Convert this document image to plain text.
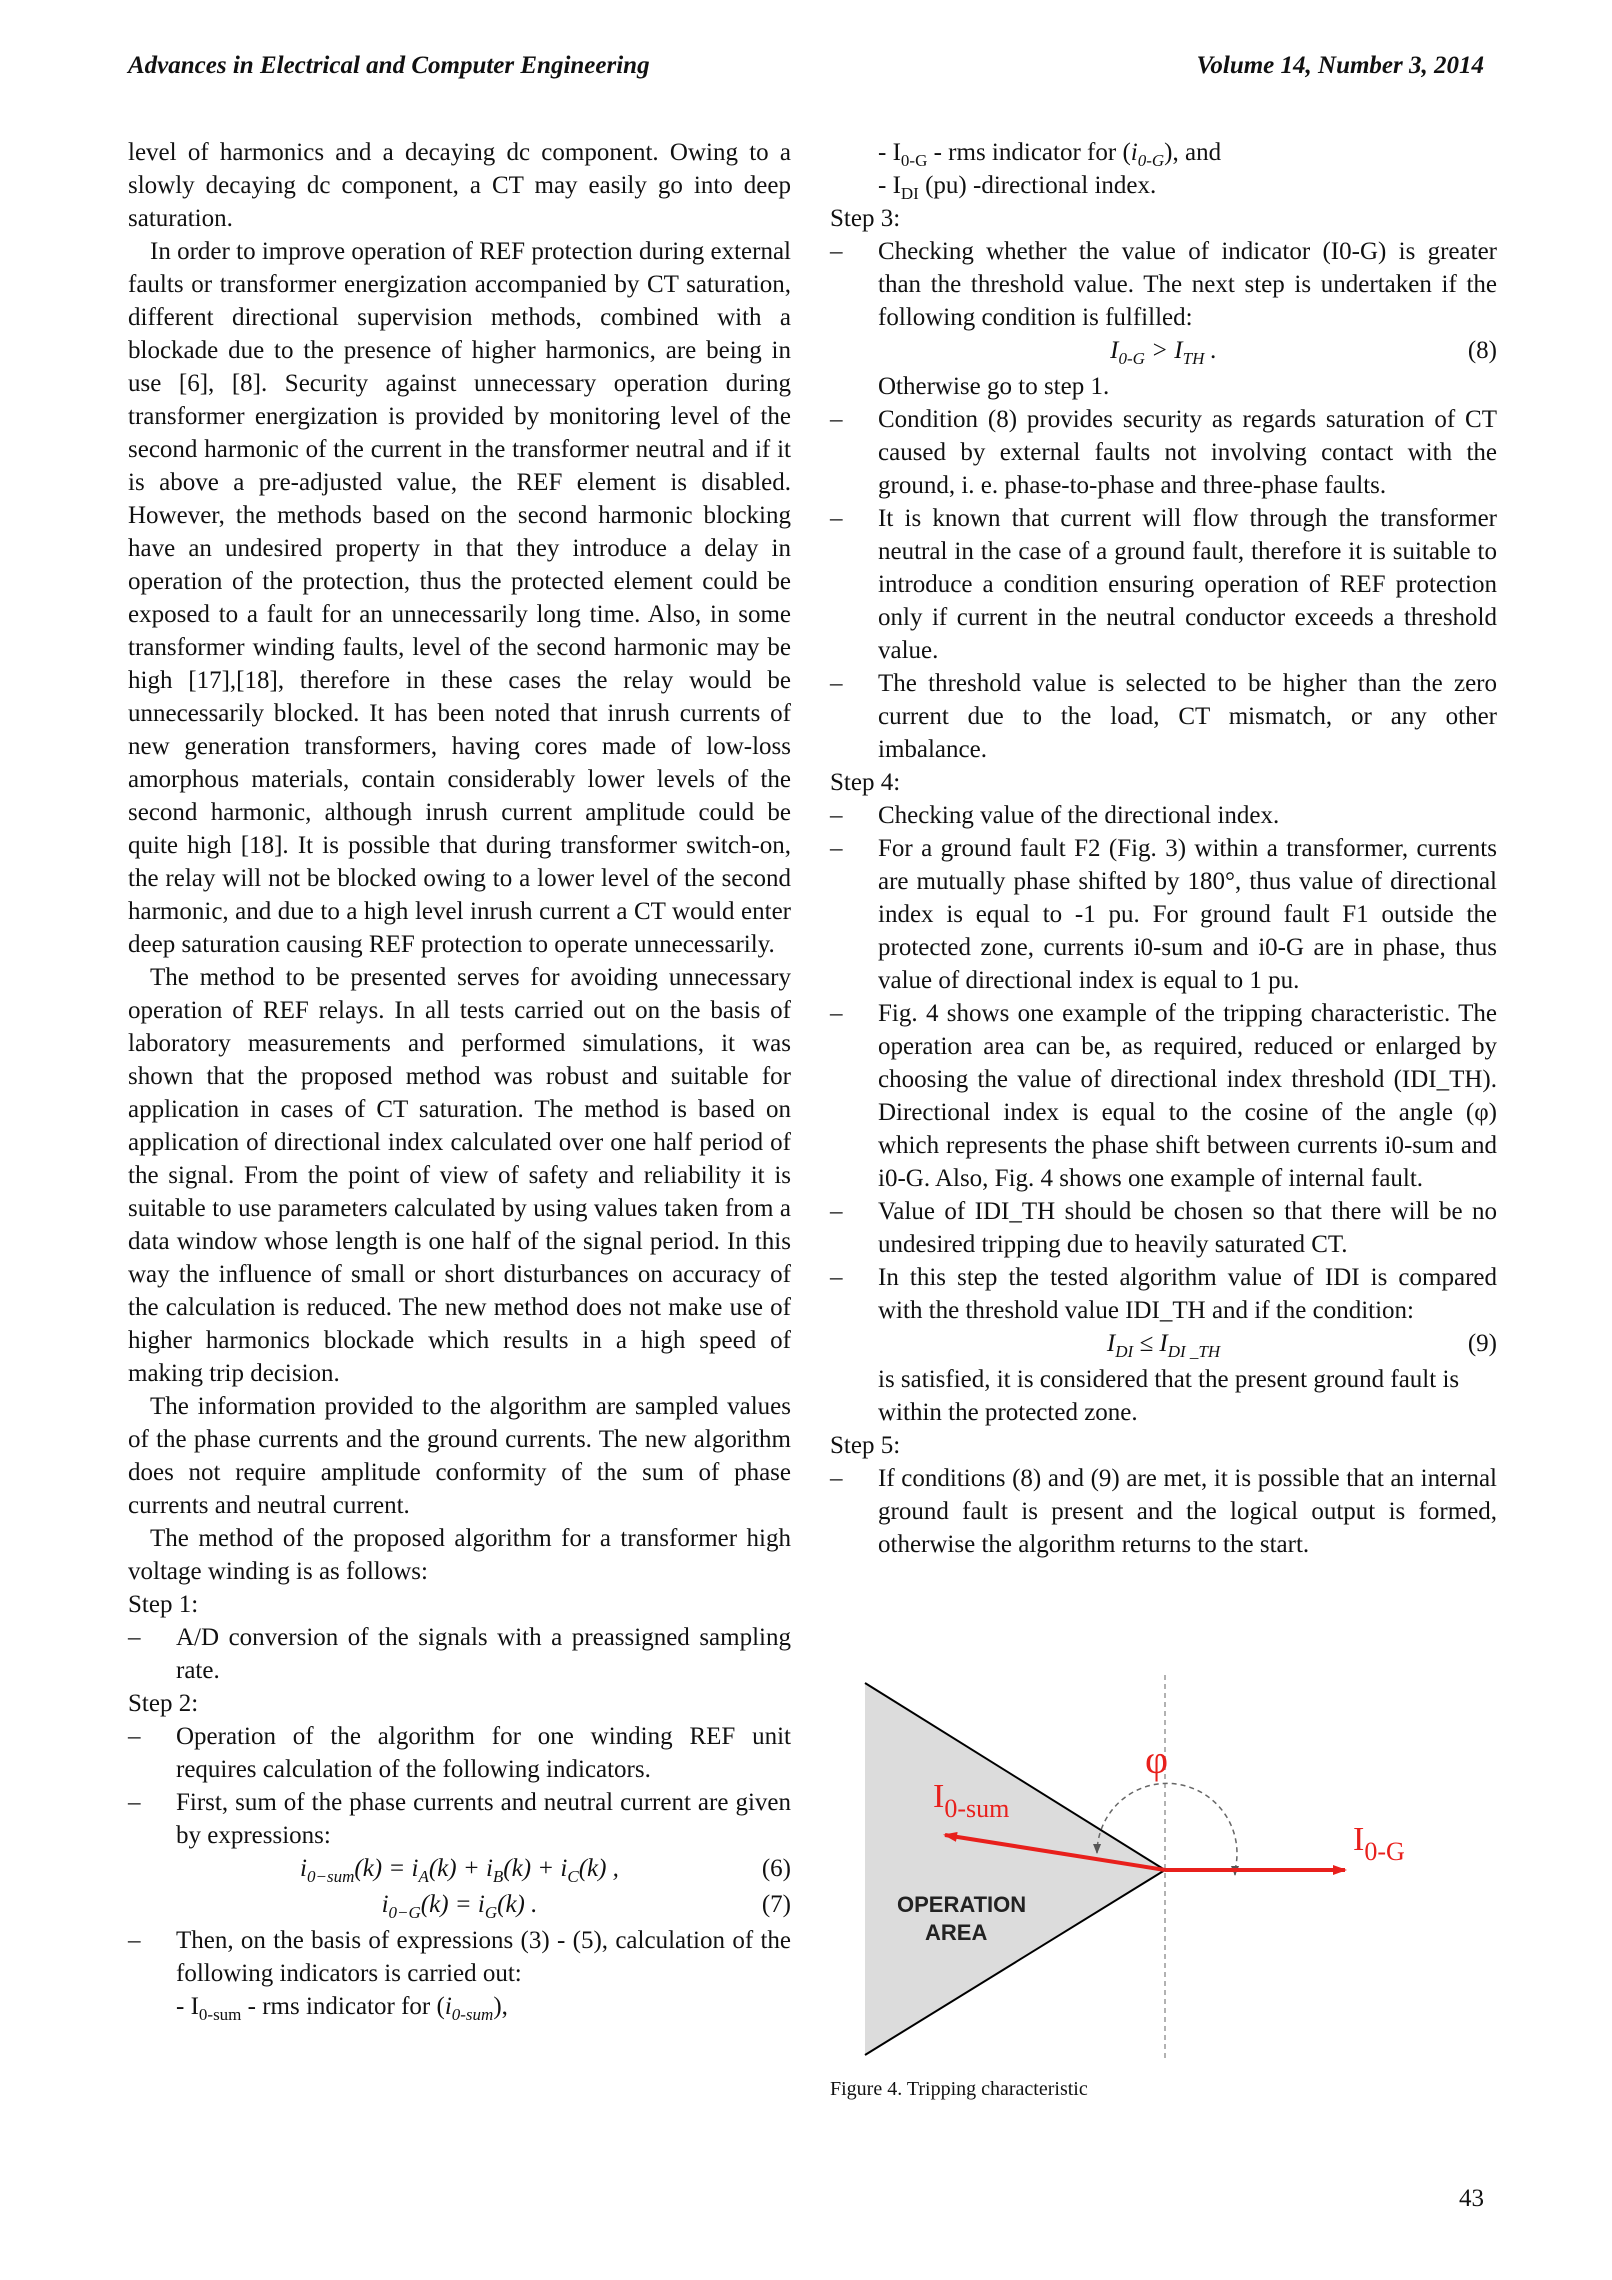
Advances in Electrical and Computer Engineering	Volume 14, Number 3, 2014

level of harmonics and a decaying dc component. Owing to a slowly decaying dc component, a CT may easily go into deep saturation.

In order to improve operation of REF protection during external faults or transformer energization accompanied by CT saturation, different directional supervision methods, combined with a blockade due to the presence of higher harmonics, are being in use [6], [8]. Security against unnecessary operation during transformer energization is provided by monitoring level of the second harmonic of the current in the transformer neutral and if it is above a pre-adjusted value, the REF element is disabled. However, the methods based on the second harmonic blocking have an undesired property in that they introduce a delay in operation of the protection, thus the protected element could be exposed to a fault for an unnecessarily long time. Also, in some transformer winding faults, level of the second harmonic may be high [17],[18], therefore in these cases the relay would be unnecessarily blocked. It has been noted that inrush currents of new generation transformers, having cores made of low-loss amorphous materials, contain considerably lower levels of the second harmonic, although inrush current amplitude could be quite high [18]. It is possible that during transformer switch-on, the relay will not be blocked owing to a lower level of the second harmonic, and due to a high level inrush current a CT would enter deep saturation causing REF protection to operate unnecessarily.

The method to be presented serves for avoiding unnecessary operation of REF relays. In all tests carried out on the basis of laboratory measurements and performed simulations, it was shown that the proposed method was robust and suitable for application in cases of CT saturation. The method is based on application of directional index calculated over one half period of the signal. From the point of view of safety and reliability it is suitable to use parameters calculated by using values taken from a data window whose length is one half of the signal period. In this way the influence of small or short disturbances on accuracy of the calculation is reduced. The new method does not make use of higher harmonics blockade which results in a high speed of making trip decision.

The information provided to the algorithm are sampled values of the phase currents and the ground currents. The new algorithm does not require amplitude conformity of the sum of phase currents and neutral current.

The method of the proposed algorithm for a transformer high voltage winding is as follows:

Step 1:
– A/D conversion of the signals with a preassigned sampling rate.
Step 2:
– Operation of the algorithm for one winding REF unit requires calculation of the following indicators.
– First, sum of the phase currents and neutral current are given by expressions:
$i_{0-sum}(k) = i_A(k) + i_B(k) + i_C(k)$ ,	(6)
$i_{0-G}(k) = i_G(k)$ .	(7)
– Then, on the basis of expressions (3) - (5), calculation of the following indicators is carried out:
- $I_{0-sum}$ - rms indicator for $(i_{0-sum})$,
- $I_{0-G}$ - rms indicator for $(i_{0-G})$, and
- $I_{DI}$ (pu) -directional index.
Step 3:
– Checking whether the value of indicator (I0-G) is greater than the threshold value. The next step is undertaken if the following condition is fulfilled:
$I_{0-G} > I_{TH}$ .	(8)
Otherwise go to step 1.
– Condition (8) provides security as regards saturation of CT caused by external faults not involving contact with the ground, i. e. phase-to-phase and three-phase faults.
– It is known that current will flow through the transformer neutral in the case of a ground fault, therefore it is suitable to introduce a condition ensuring operation of REF protection only if current in the neutral conductor exceeds a threshold value.
– The threshold value is selected to be higher than the zero current due to the load, CT mismatch, or any other imbalance.
Step 4:
– Checking value of the directional index.
– For a ground fault F2 (Fig. 3) within a transformer, currents are mutually phase shifted by 180°, thus value of directional index is equal to -1 pu. For ground fault F1 outside the protected zone, currents i0-sum and i0-G are in phase, thus value of directional index is equal to 1 pu.
– Fig. 4 shows one example of the tripping characteristic. The operation area can be, as required, reduced or enlarged by choosing the value of directional index threshold (IDI_TH). Directional index is equal to the cosine of the angle (φ) which represents the phase shift between currents i0-sum and i0-G. Also, Fig. 4 shows one example of internal fault.
– Value of IDI_TH should be chosen so that there will be no undesired tripping due to heavily saturated CT.
– In this step the tested algorithm value of IDI is compared with the threshold value IDI_TH and if the condition:
$I_{DI} \le I_{DI \_TH}$	(9)
is satisfied, it is considered that the present ground fault is within the protected zone.
Step 5:
– If conditions (8) and (9) are met, it is possible that an internal ground fault is present and the logical output is formed, otherwise the algorithm returns to the start.
φ
$I_{0-sum}$
$I_{0-G}$
OPERATION
AREA
Figure 4. Tripping characteristic
43
